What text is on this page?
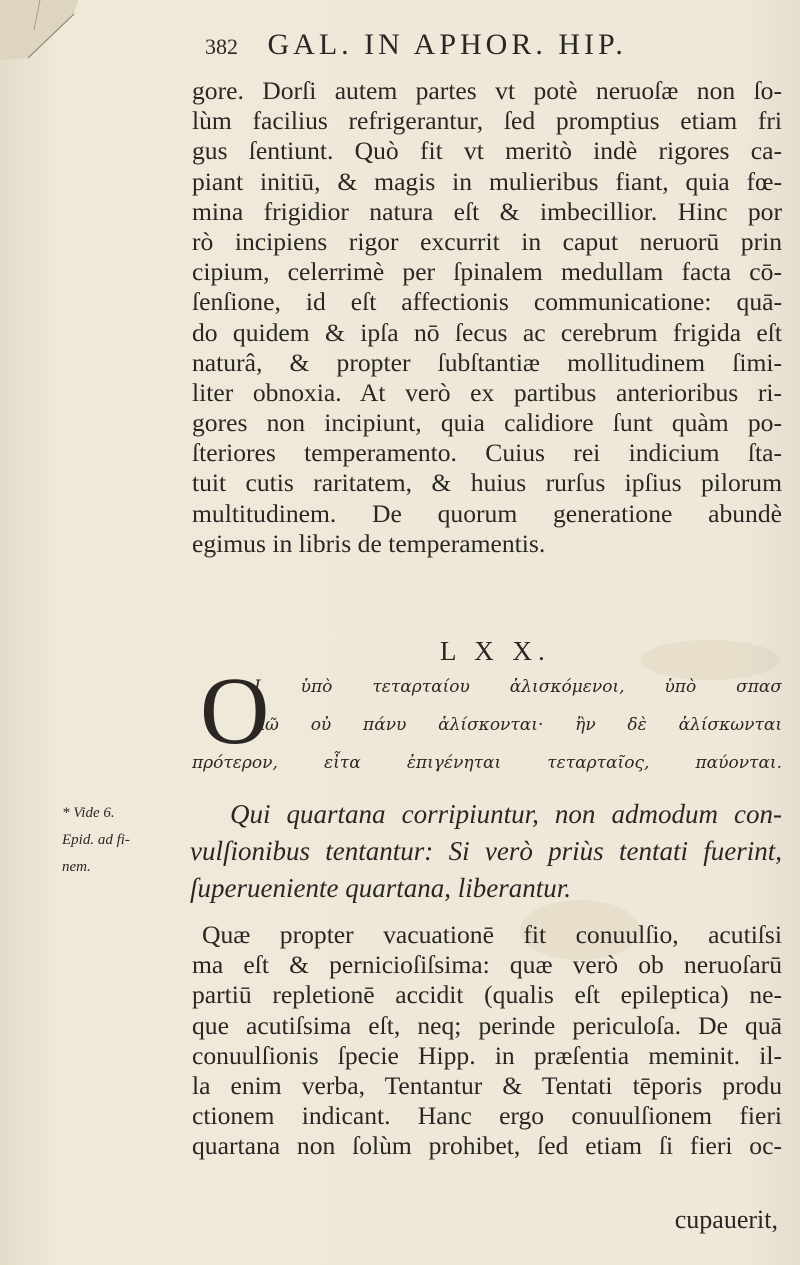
382 GAL. IN APHOR. HIP.
gore. Dorſi autem partes vt potè neruoſæ non ſo-
lùm facilius refrigerantur, ſed promptius etiam fri
gus ſentiunt. Quò fit vt meritò indè rigores ca-
piant initiū, & magis in mulieribus fiant, quia fœ-
mina frigidior natura eſt & imbecillior. Hinc por
rò incipiens rigor excurrit in caput neruorū prin
cipium, celerrimè per ſpinalem medullam facta cō-
ſenſione, id eſt affectionis communicatione: quā-
do quidem & ipſa nō ſecus ac cerebrum frigida eſt
naturâ, & propter ſubſtantiæ mollitudinem ſimi-
liter obnoxia. At verò ex partibus anterioribus ri-
gores non incipiunt, quia calidiore ſunt quàm po-
ſteriores temperamento. Cuius rei indicium ſta-
tuit cutis raritatem, & huius rurſus ipſius pilorum
multitudinem. De quorum generatione abundè
egimus in libris de temperamentis.
L X X.
O
Ι ὑπὸ τεταρταίου ἁλισκόμενοι, ὑπὸ σπασ
μῶ οὐ πάνυ ἁλίσκονται· ἢν δὲ ἁλίσκωνται
πρότερον, εἶτα ἐπιγένηται τεταρταῖος, παύονται.
* Vide 6.
Epid. ad fi-
nem.
Qui quartana corripiuntur, non admodum con-
vulſionibus tentantur: Si verò priùs tentati fuerint,
ſuperueniente quartana, liberantur.
Quæ propter vacuationē fit conuulſio, acutiſsi
ma eſt & pernicioſiſsima: quæ verò ob neruoſarū
partiū repletionē accidit (qualis eſt epileptica) ne-
que acutiſsima eſt, neq; perinde periculoſa. De quā
conuulſionis ſpecie Hipp. in præſentia meminit. il-
la enim verba, Tentantur & Tentati tēporis produ
ctionem indicant. Hanc ergo conuulſionem fieri
quartana non ſolùm prohibet, ſed etiam ſi fieri oc-
cupauerit,
